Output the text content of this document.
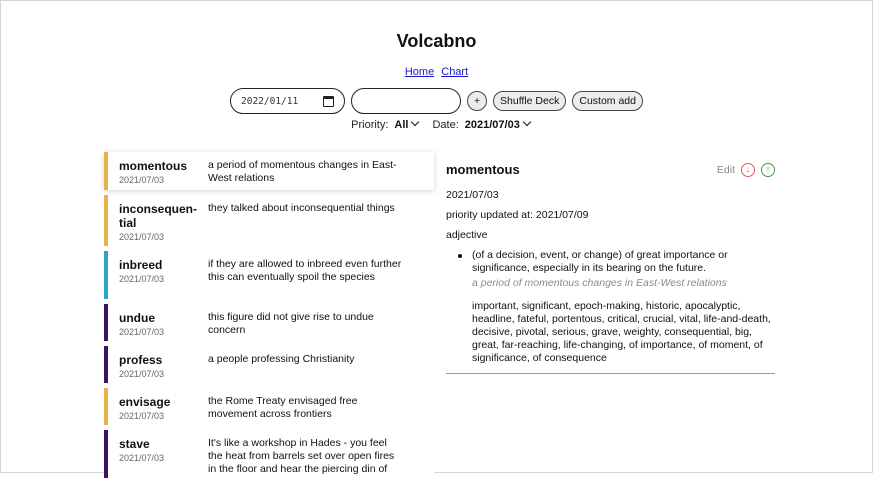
Volcabno
Home Chart
2022/01/11	+	Shuffle Deck	Custom add
Priority: All	Date: 2021/07/03
momentous
2021/07/03
a period of momentous changes in East-West relations
inconsequen-tial
2021/07/03
they talked about inconsequential things
inbreed
2021/07/03
if they are allowed to inbreed even further this can eventually spoil the species
undue
2021/07/03
this figure did not give rise to undue concern
profess
2021/07/03
a people professing Christianity
envisage
2021/07/03
the Rome Treaty envisaged free movement across frontiers
stave
2021/07/03
It's like a workshop in Hades - you feel the heat from barrels set over open fires in the floor and hear the piercing din of
momentous	Edit	↓	↑
2021/07/03
priority updated at: 2021/07/09
adjective
(of a decision, event, or change) of great importance or significance, especially in its bearing on the future.
a period of momentous changes in East-West relations
important, significant, epoch-making, historic, apocalyptic, headline, fateful, portentous, critical, crucial, vital, life-and-death, decisive, pivotal, serious, grave, weighty, consequential, big, great, far-reaching, life-changing, of importance, of moment, of significance, of consequence
